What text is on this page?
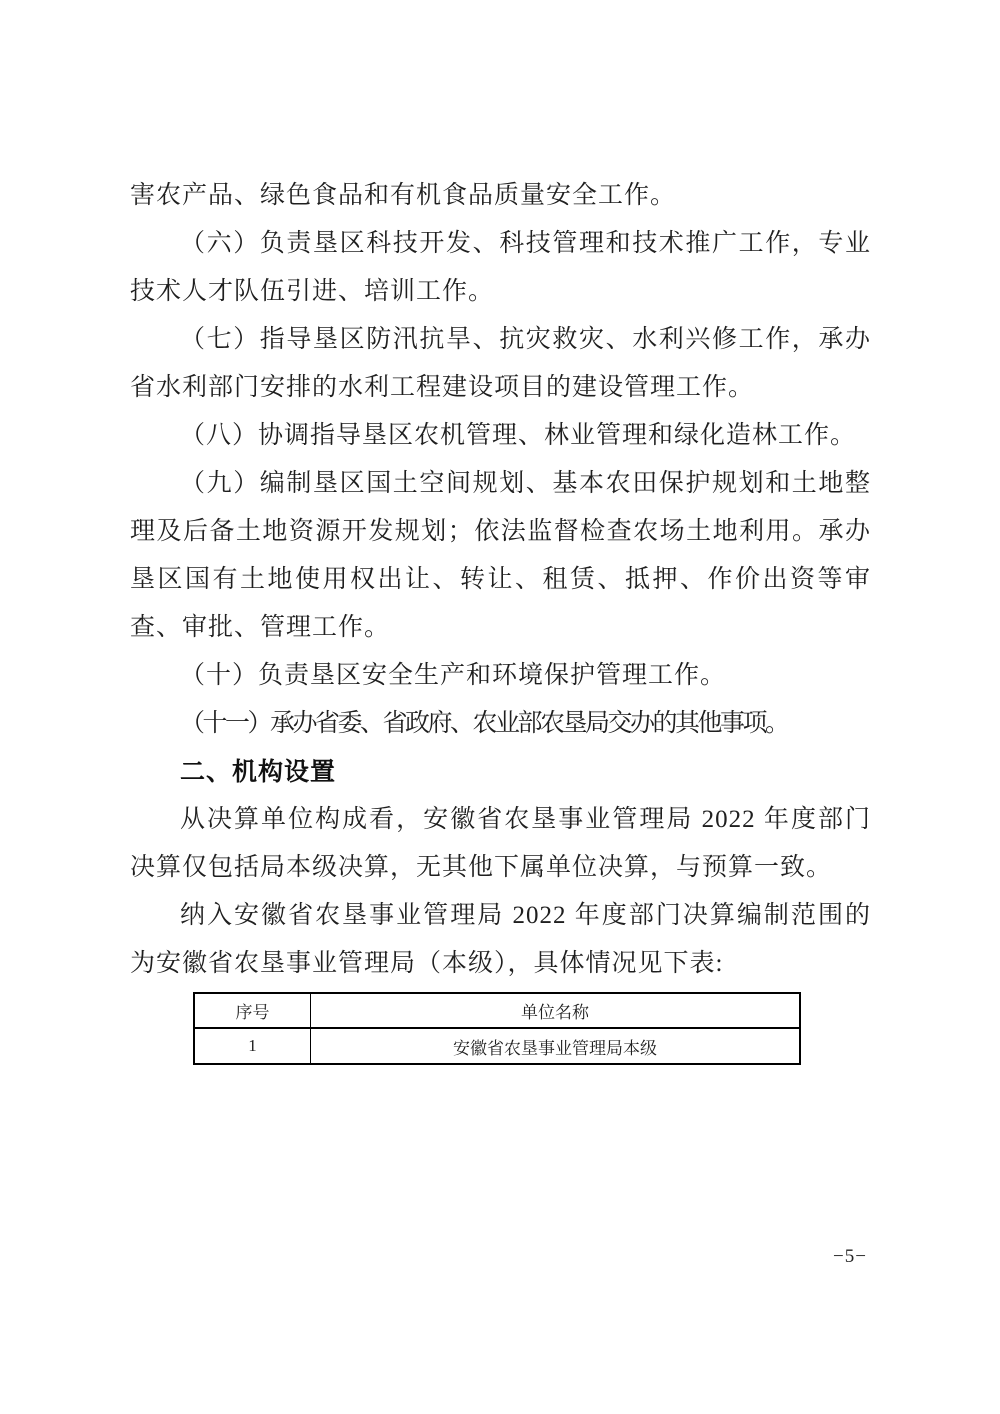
害农产品、绿色食品和有机食品质量安全工作。

（六）负责垦区科技开发、科技管理和技术推广工作，专业技术人才队伍引进、培训工作。

（七）指导垦区防汛抗旱、抗灾救灾、水利兴修工作，承办省水利部门安排的水利工程建设项目的建设管理工作。

（八）协调指导垦区农机管理、林业管理和绿化造林工作。

（九）编制垦区国土空间规划、基本农田保护规划和土地整理及后备土地资源开发规划；依法监督检查农场土地利用。承办垦区国有土地使用权出让、转让、租赁、抵押、作价出资等审查、审批、管理工作。

（十）负责垦区安全生产和环境保护管理工作。

（十一）承办省委、省政府、农业部农垦局交办的其他事项。

二、机构设置

从决算单位构成看，安徽省农垦事业管理局 2022 年度部门决算仅包括局本级决算，无其他下属单位决算，与预算一致。

纳入安徽省农垦事业管理局 2022 年度部门决算编制范围的为安徽省农垦事业管理局（本级），具体情况见下表:

序号	单位名称
1	安徽省农垦事业管理局本级
−5−
